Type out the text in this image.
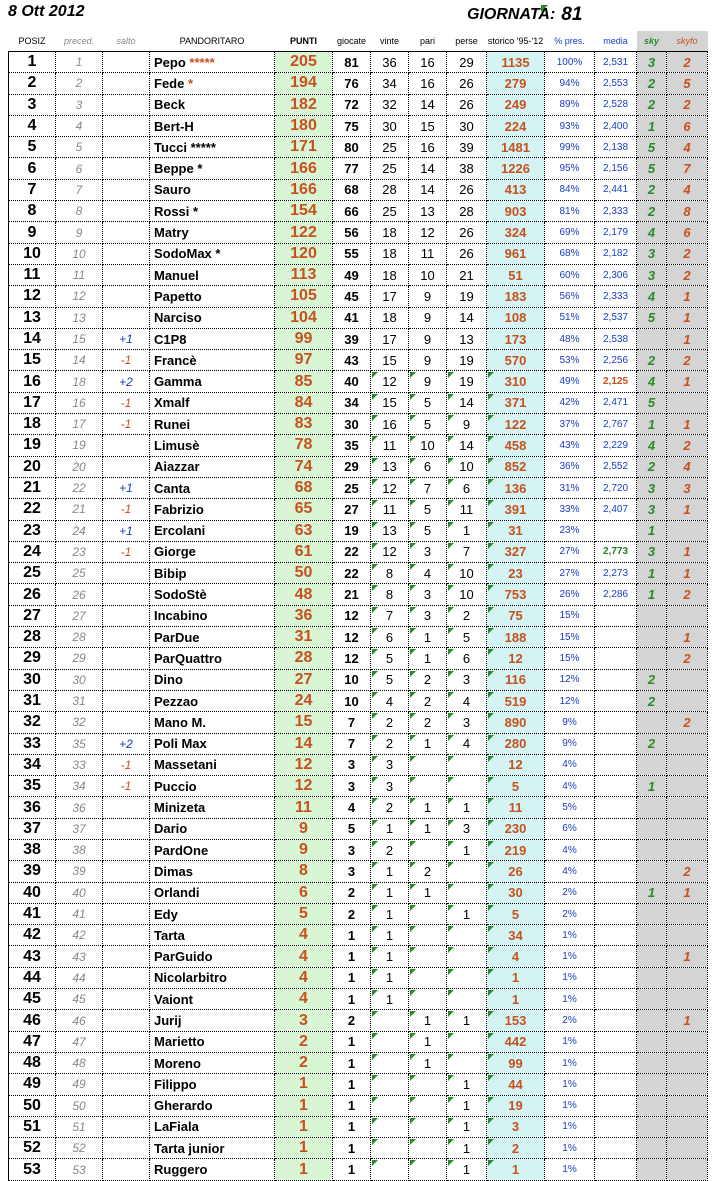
8 Ott 2012	GIORNATA: 81
POSIZ	preced.	salto	PANDORITARO	PUNTI	giocate	vinte	pari	perse	storico '95-'12	% pres.	media	sky	skyfo
1	1		Pepo *****	205	81	36	16	29	1135	100%	2,531	3	2
2	2		Fede *	194	76	34	16	26	279	94%	2,553	2	5
3	3		Beck	182	72	32	14	26	249	89%	2,528	2	2
4	4		Bert-H	180	75	30	15	30	224	93%	2,400	1	6
5	5		Tucci *****	171	80	25	16	39	1481	99%	2,138	5	4
6	6		Beppe *	166	77	25	14	38	1226	95%	2,156	5	7
7	7		Sauro	166	68	28	14	26	413	84%	2,441	2	4
8	8		Rossi *	154	66	25	13	28	903	81%	2,333	2	8
9	9		Matry	122	56	18	12	26	324	69%	2,179	4	6
10	10		SodoMax *	120	55	18	11	26	961	68%	2,182	3	2
11	11		Manuel	113	49	18	10	21	51	60%	2,306	3	2
12	12		Papetto	105	45	17	9	19	183	56%	2,333	4	1
13	13		Narciso	104	41	18	9	14	108	51%	2,537	5	1
14	15	+1	C1P8	99	39	17	9	13	173	48%	2,538		1
15	14	-1	Francè	97	43	15	9	19	570	53%	2,256	2	2
16	18	+2	Gamma	85	40	12	9	19	310	49%	2,125	4	1
17	16	-1	Xmalf	84	34	15	5	14	371	42%	2,471	5	
18	17	-1	Runei	83	30	16	5	9	122	37%	2,767	1	1
19	19		Limusè	78	35	11	10	14	458	43%	2,229	4	2
20	20		Aiazzar	74	29	13	6	10	852	36%	2,552	2	4
21	22	+1	Canta	68	25	12	7	6	136	31%	2,720	3	3
22	21	-1	Fabrizio	65	27	11	5	11	391	33%	2,407	3	1
23	24	+1	Ercolani	63	19	13	5	1	31	23%		1	
24	23	-1	Giorge	61	22	12	3	7	327	27%	2,773	3	1
25	25		Bibip	50	22	8	4	10	23	27%	2,273	1	1
26	26		SodoStè	48	21	8	3	10	753	26%	2,286	1	2
27	27		Incabino	36	12	7	3	2	75	15%			
28	28		ParDue	31	12	6	1	5	188	15%			1
29	29		ParQuattro	28	12	5	1	6	12	15%			2
30	30		Dino	27	10	5	2	3	116	12%		2	
31	31		Pezzao	24	10	4	2	4	519	12%		2	
32	32		Mano M.	15	7	2	2	3	890	9%			2
33	35	+2	Poli Max	14	7	2	1	4	280	9%		2	
34	33	-1	Massetani	12	3	3			12	4%			
35	34	-1	Puccio	12	3	3			5	4%		1	
36	36		Minizeta	11	4	2	1	1	11	5%			
37	37		Dario	9	5	1	1	3	230	6%			
38	38		PardOne	9	3	2		1	219	4%			
39	39		Dimas	8	3	1	2		26	4%			2
40	40		Orlandi	6	2	1	1		30	2%		1	1
41	41		Edy	5	2	1		1	5	2%			
42	42		Tarta	4	1	1			34	1%			
43	43		ParGuido	4	1	1			4	1%			1
44	44		Nicolarbitro	4	1	1			1	1%			
45	45		Vaiont	4	1	1			1	1%			
46	46		Jurij	3	2		1	1	153	2%			1
47	47		Marietto	2	1		1		442	1%			
48	48		Moreno	2	1		1		99	1%			
49	49		Filippo	1	1			1	44	1%			
50	50		Gherardo	1	1			1	19	1%			
51	51		LaFiala	1	1			1	3	1%			
52	52		Tarta junior	1	1			1	2	1%			
53	53		Ruggero	1	1			1	1	1%			
